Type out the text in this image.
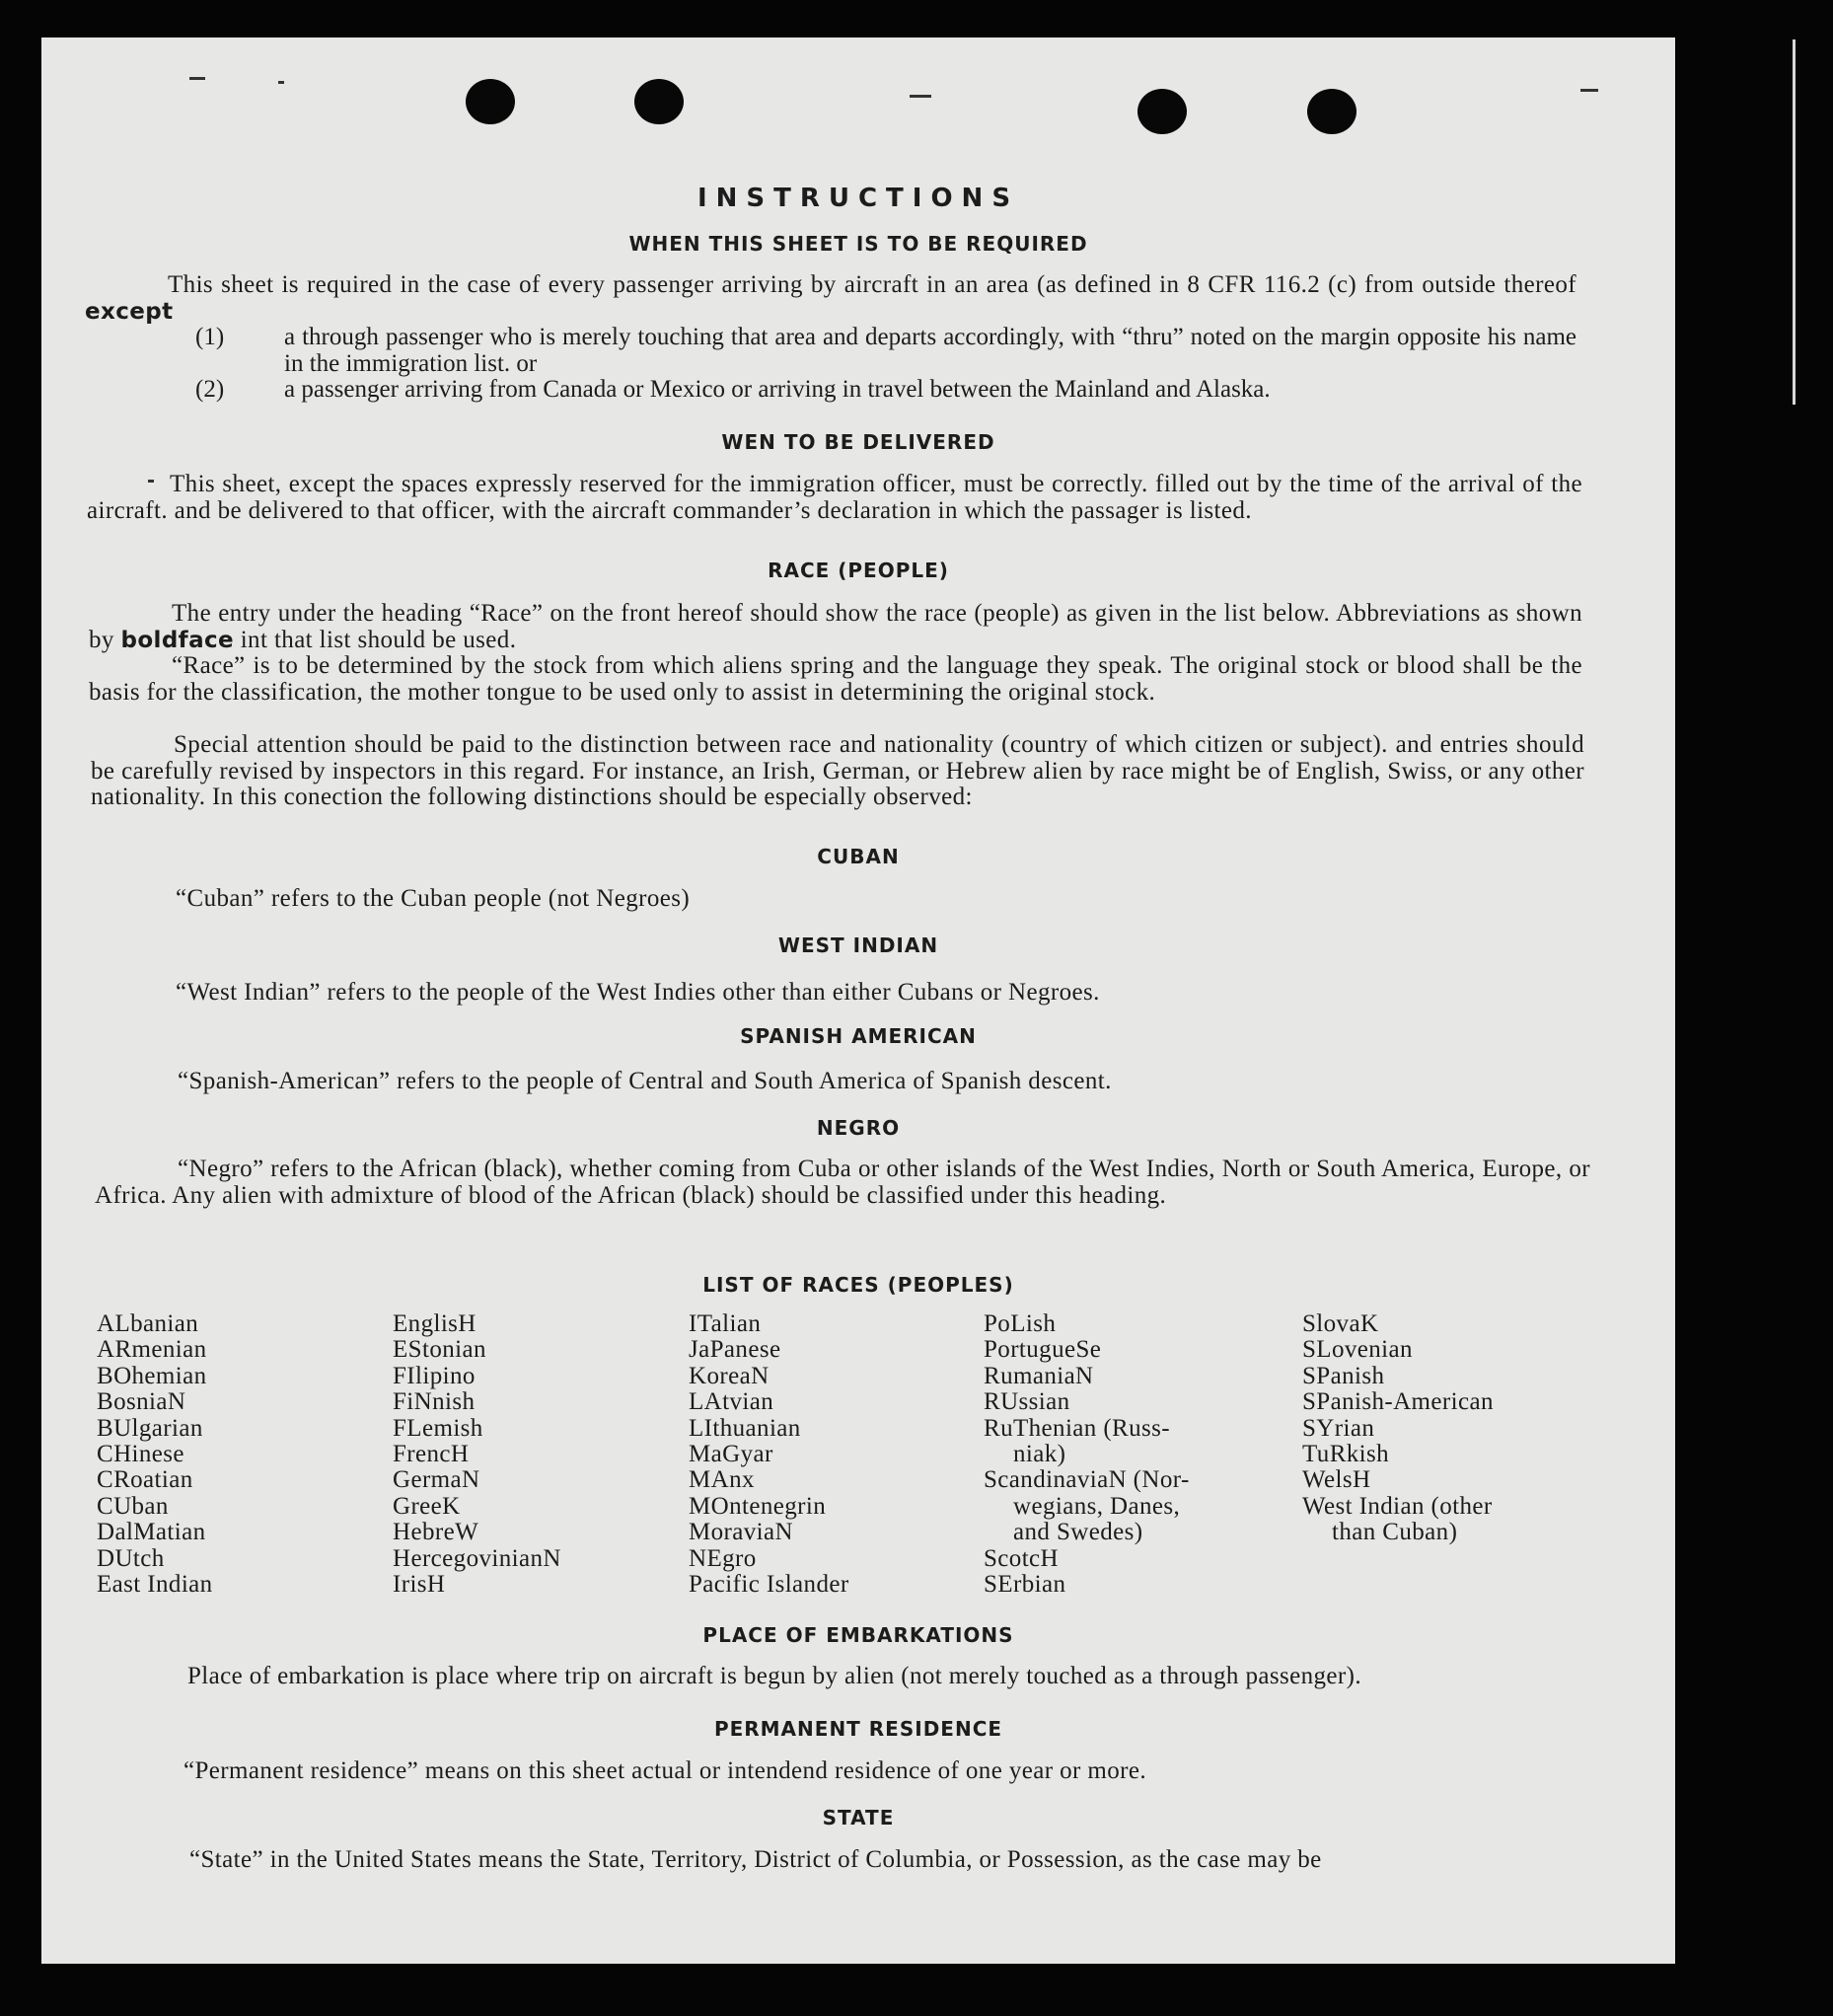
INSTRUCTIONS
WHEN THIS SHEET IS TO BE REQUIRED
This sheet is required in the case of every passenger arriving by aircraft in an area (as defined in 8 CFR 116.2 (c) from outside thereof except
(1) a through passenger who is merely touching that area and departs accordingly, with “thru” noted on the margin opposite his name in the immigration list. or
(2) a passenger arriving from Canada or Mexico or arriving in travel between the Mainland and Alaska.
WEN TO BE DELIVERED
This sheet, except the spaces expressly reserved for the immigration officer, must be correctly. filled out by the time of the arrival of the aircraft. and be delivered to that officer, with the aircraft commander’s declaration in which the passager is listed.
RACE (PEOPLE)
The entry under the heading “Race” on the front hereof should show the race (people) as given in the list below. Abbreviations as shown by boldface int that list should be used.
“Race” is to be determined by the stock from which aliens spring and the language they speak. The original stock or blood shall be the basis for the classification, the mother tongue to be used only to assist in determining the original stock.
Special attention should be paid to the distinction between race and nationality (country of which citizen or subject). and entries should be carefully revised by inspectors in this regard. For instance, an Irish, German, or Hebrew alien by race might be of English, Swiss, or any other nationality. In this conection the following distinctions should be especially observed:
CUBAN
“Cuban” refers to the Cuban people (not Negroes)
WEST INDIAN
“West Indian” refers to the people of the West Indies other than either Cubans or Negroes.
SPANISH AMERICAN
“Spanish-American” refers to the people of Central and South America of Spanish descent.
NEGRO
“Negro” refers to the African (black), whether coming from Cuba or other islands of the West Indies, North or South America, Europe, or Africa. Any alien with admixture of blood of the African (black) should be classified under this heading.
LIST OF RACES (PEOPLES)
ALbanian
ARmenian
BOhemian
BosniaN
BUlgarian
CHinese
CRoatian
CUban
DalMatian
DUtch
East Indian
EnglisH
EStonian
FIlipino
FiNnish
FLemish
FrencH
GermaN
GreeK
HebreW
HercegovinianN
IrisH
ITalian
JaPanese
KoreaN
LAtvian
LIthuanian
MaGyar
MAnx
MOntenegrin
MoraviaN
NEgro
Pacific Islander
PoLish
PortugueSe
RumaniaN
RUssian
RuThenian (Russ-
niak)
ScandinaviaN (Nor-
wegians, Danes,
and Swedes)
ScotcH
SErbian
SlovaK
SLovenian
SPanish
SPanish-American
SYrian
TuRkish
WelsH
West Indian (other
than Cuban)
PLACE OF EMBARKATIONS
Place of embarkation is place where trip on aircraft is begun by alien (not merely touched as a through passenger).
PERMANENT RESIDENCE
“Permanent residence” means on this sheet actual or intendend residence of one year or more.
STATE
“State” in the United States means the State, Territory, District of Columbia, or Possession, as the case may be
